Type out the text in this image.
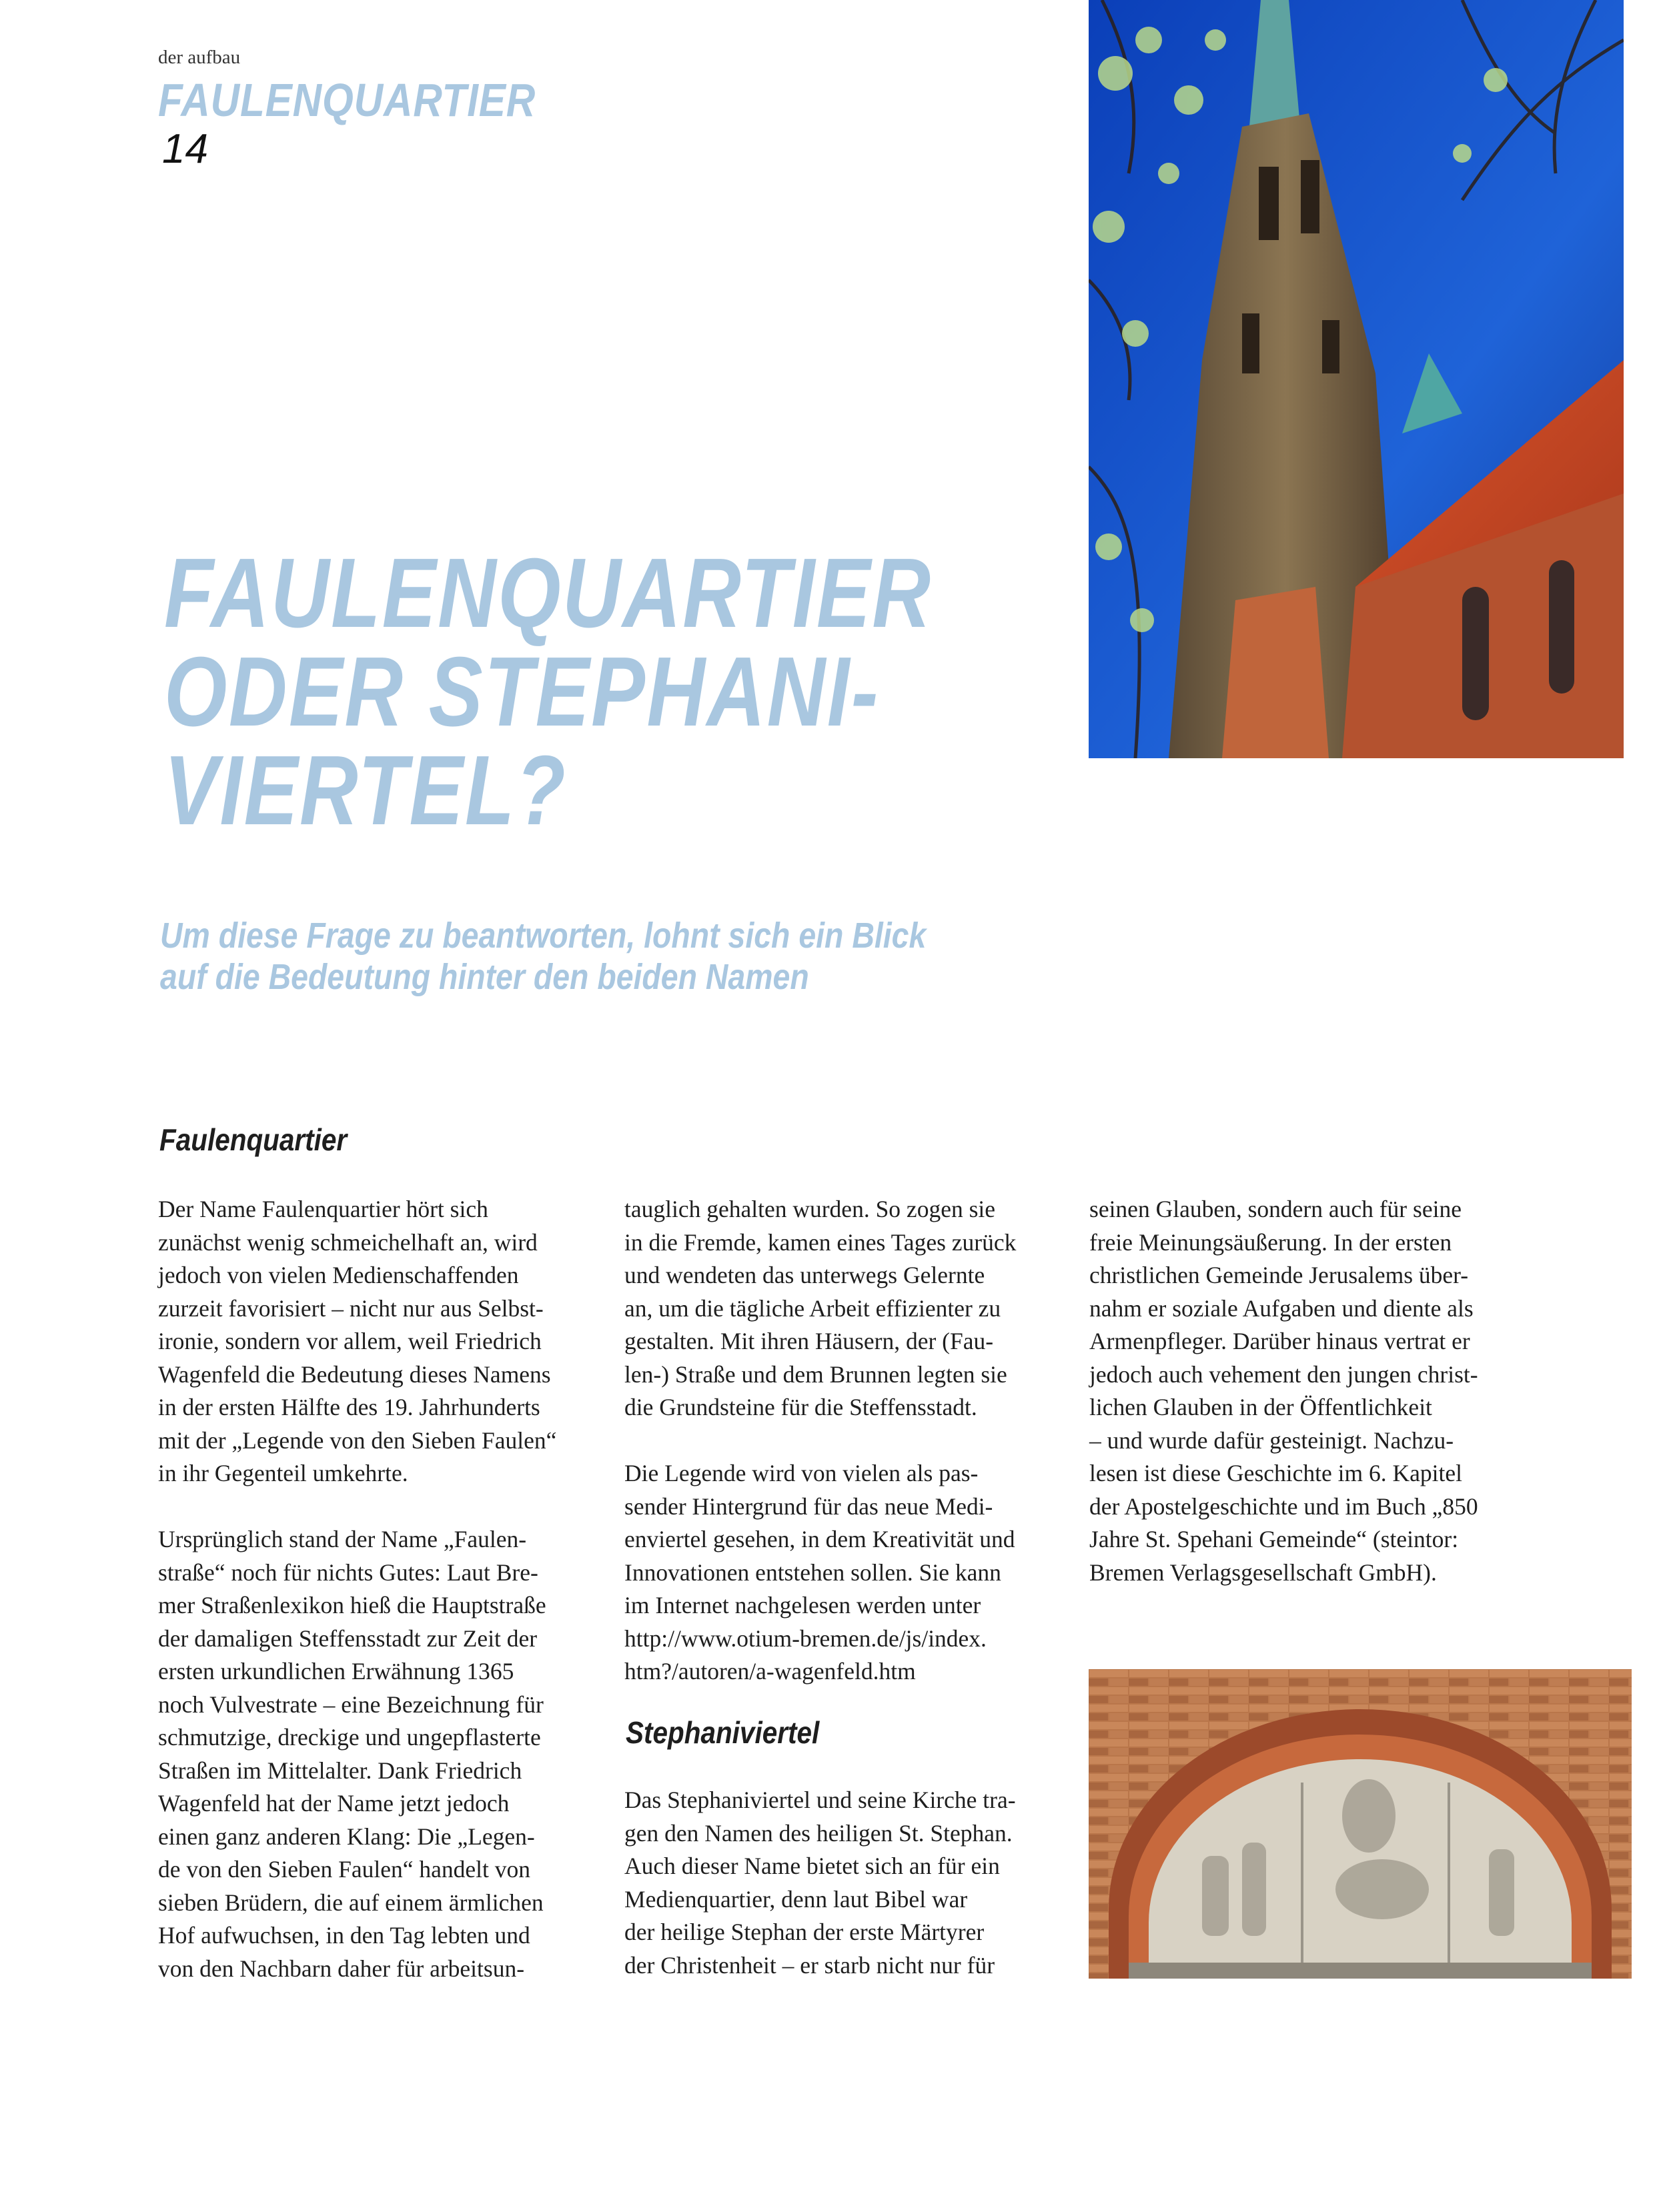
der aufbau
FAULENQUARTIER
14
FAULENQUARTIER
ODER STEPHANI-
VIERTEL?
Um diese Frage zu beantworten, lohnt sich ein Blick
auf die Bedeutung hinter den beiden Namen
Faulenquartier

Der Name Faulenquartier hört sich
zunächst wenig schmeichelhaft an, wird
jedoch von vielen Medienschaffenden
zurzeit favorisiert – nicht nur aus Selbst-
ironie, sondern vor allem, weil Friedrich
Wagenfeld die Bedeutung dieses Namens
in der ersten Hälfte des 19. Jahrhunderts
mit der „Legende von den Sieben Faulen“
in ihr Gegenteil umkehrte.

Ursprünglich stand der Name „Faulen-
straße“ noch für nichts Gutes: Laut Bre-
mer Straßenlexikon hieß die Hauptstraße
der damaligen Steffensstadt zur Zeit der
ersten urkundlichen Erwähnung 1365
noch Vulvestrate – eine Bezeichnung für
schmutzige, dreckige und ungepflasterte
Straßen im Mittelalter. Dank Friedrich
Wagenfeld hat der Name jetzt jedoch
einen ganz anderen Klang: Die „Legen-
de von den Sieben Faulen“ handelt von
sieben Brüdern, die auf einem ärmlichen
Hof aufwuchsen, in den Tag lebten und
von den Nachbarn daher für arbeitsun-

tauglich gehalten wurden. So zogen sie
in die Fremde, kamen eines Tages zurück
und wendeten das unterwegs Gelernte
an, um die tägliche Arbeit effizienter zu
gestalten. Mit ihren Häusern, der (Fau-
len-) Straße und dem Brunnen legten sie
die Grundsteine für die Steffensstadt.

Die Legende wird von vielen als pas-
sender Hintergrund für das neue Medi-
enviertel gesehen, in dem Kreativität und
Innovationen entstehen sollen. Sie kann
im Internet nachgelesen werden unter
http://www.otium-bremen.de/js/index.
htm?/autoren/a-wagenfeld.htm

Stephaniviertel

Das Stephaniviertel und seine Kirche tra-
gen den Namen des heiligen St. Stephan.
Auch dieser Name bietet sich an für ein
Medienquartier, denn laut Bibel war
der heilige Stephan der erste Märtyrer
der Christenheit – er starb nicht nur für

seinen Glauben, sondern auch für seine
freie Meinungsäußerung. In der ersten
christlichen Gemeinde Jerusalems über-
nahm er soziale Aufgaben und diente als
Armenpfleger. Darüber hinaus vertrat er
jedoch auch vehement den jungen christ-
lichen Glauben in der Öffentlichkeit
– und wurde dafür gesteinigt. Nachzu-
lesen ist diese Geschichte im 6. Kapitel
der Apostelgeschichte und im Buch „850
Jahre St. Spehani Gemeinde“ (steintor:
Bremen Verlagsgesellschaft GmbH).
